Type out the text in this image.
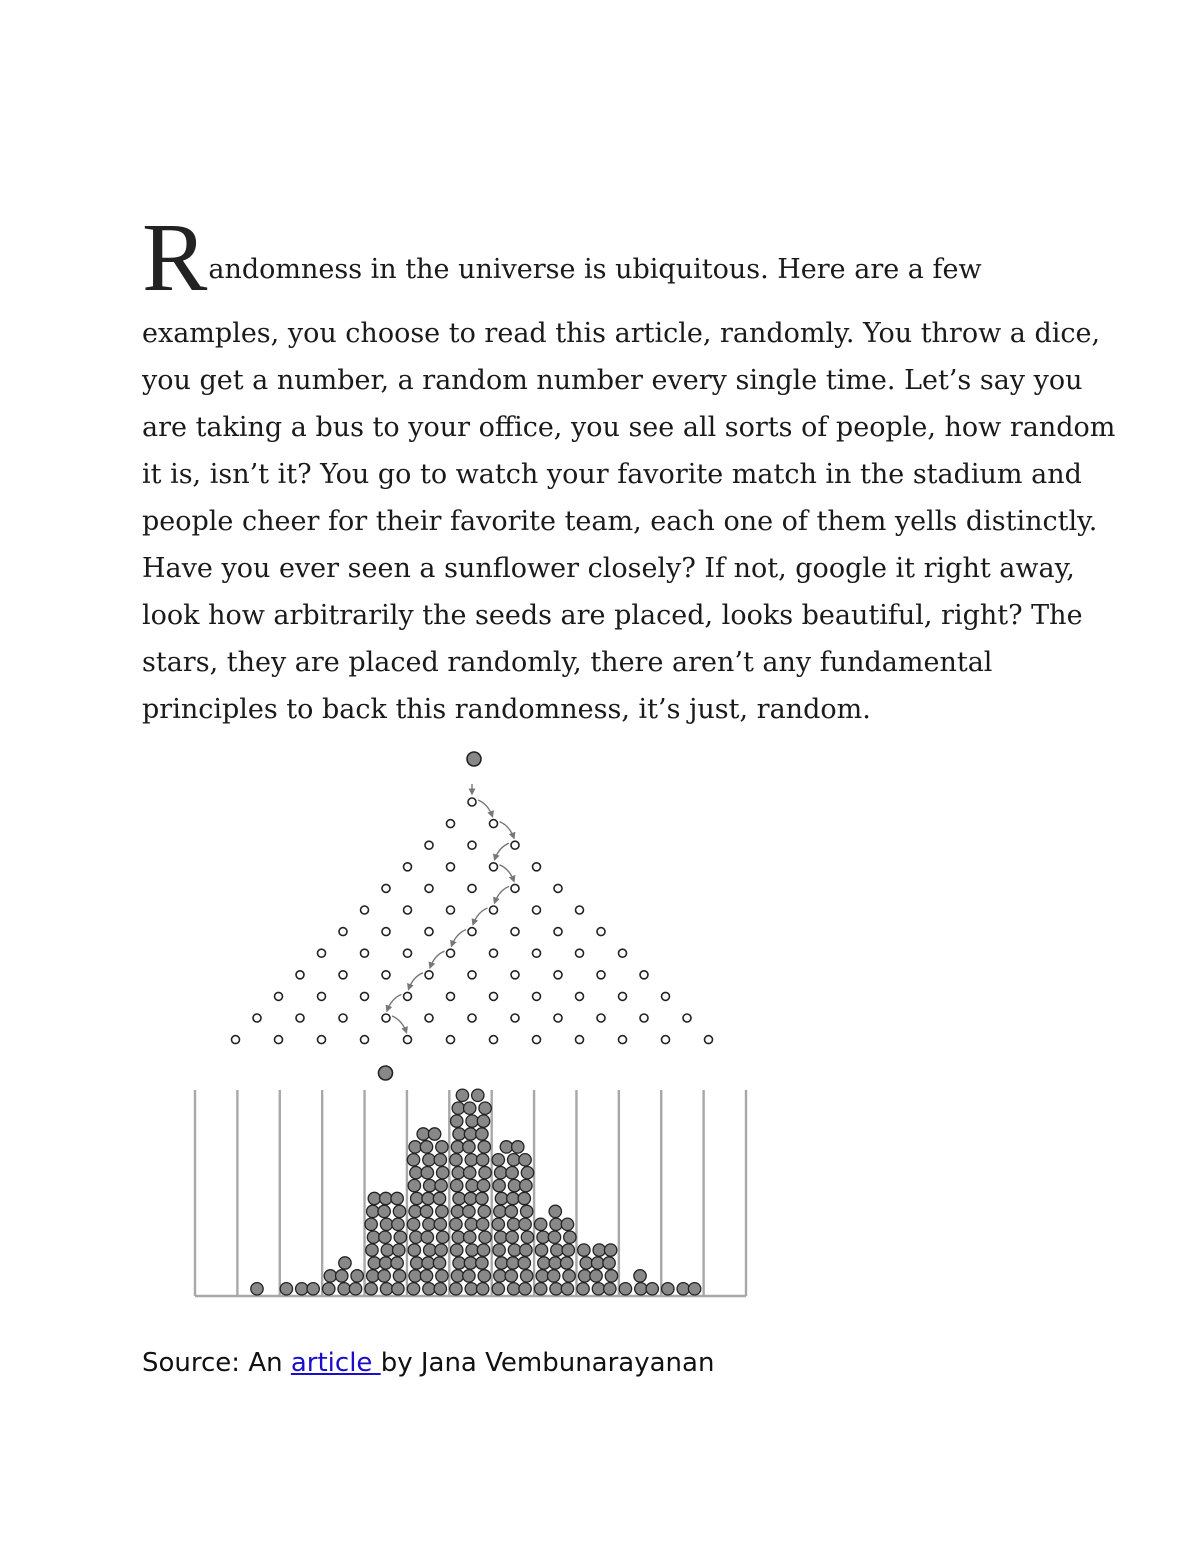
R andomness in the universe is ubiquitous. Here are a few
examples, you choose to read this article, randomly. You throw a dice,
you get a number, a random number every single time. Let’s say you
are taking a bus to your office, you see all sorts of people, how random
it is, isn’t it? You go to watch your favorite match in the stadium and
people cheer for their favorite team, each one of them yells distinctly.
Have you ever seen a sunflower closely? If not, google it right away,
look how arbitrarily the seeds are placed, looks beautiful, right? The
stars, they are placed randomly, there aren’t any fundamental
principles to back this randomness, it’s just, random.
Source: An article by Jana Vembunarayanan
